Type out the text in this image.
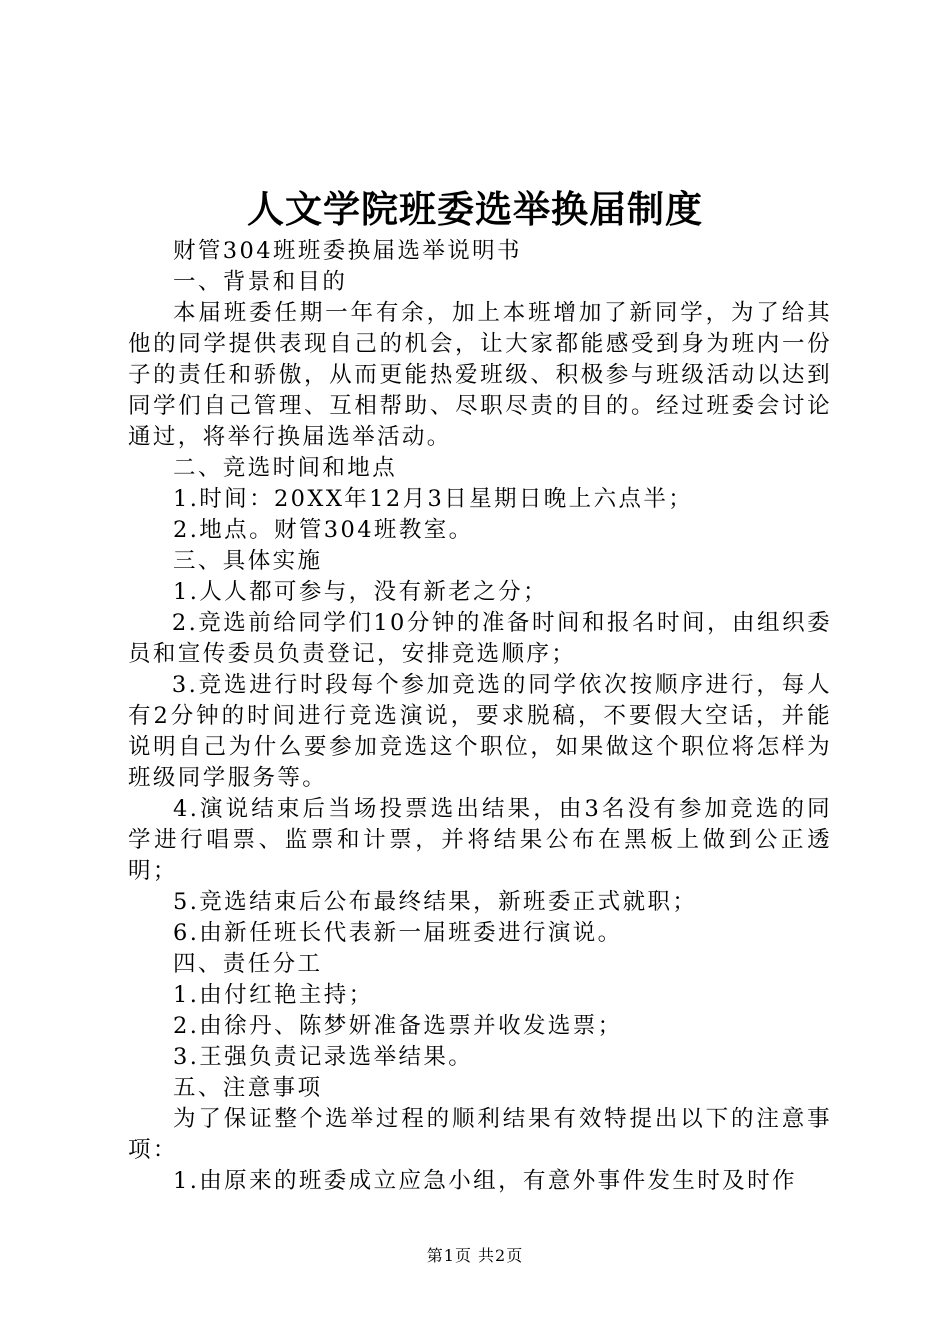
人文学院班委选举换届制度

财管304班班委换届选举说明书

一、背景和目的

本届班委任期一年有余，加上本班增加了新同学，为了给其他的同学提供表现自己的机会，让大家都能感受到身为班内一份子的责任和骄傲，从而更能热爱班级、积极参与班级活动以达到同学们自己管理、互相帮助、尽职尽责的目的。经过班委会讨论通过，将举行换届选举活动。

二、竞选时间和地点

1.时间：20XX年12月3日星期日晚上六点半；

2.地点。财管304班教室。

三、具体实施

1.人人都可参与，没有新老之分；

2.竞选前给同学们10分钟的准备时间和报名时间，由组织委员和宣传委员负责登记，安排竞选顺序；

3.竞选进行时段每个参加竞选的同学依次按顺序进行，每人有2分钟的时间进行竞选演说，要求脱稿，不要假大空话，并能说明自己为什么要参加竞选这个职位，如果做这个职位将怎样为班级同学服务等。

4.演说结束后当场投票选出结果，由3名没有参加竞选的同学进行唱票、监票和计票，并将结果公布在黑板上做到公正透明；

5.竞选结束后公布最终结果，新班委正式就职；

6.由新任班长代表新一届班委进行演说。

四、责任分工

1.由付红艳主持；

2.由徐丹、陈梦妍准备选票并收发选票；

3.王强负责记录选举结果。

五、注意事项

为了保证整个选举过程的顺利结果有效特提出以下的注意事项：

1.由原来的班委成立应急小组，有意外事件发生时及时作

第1页 共2页
